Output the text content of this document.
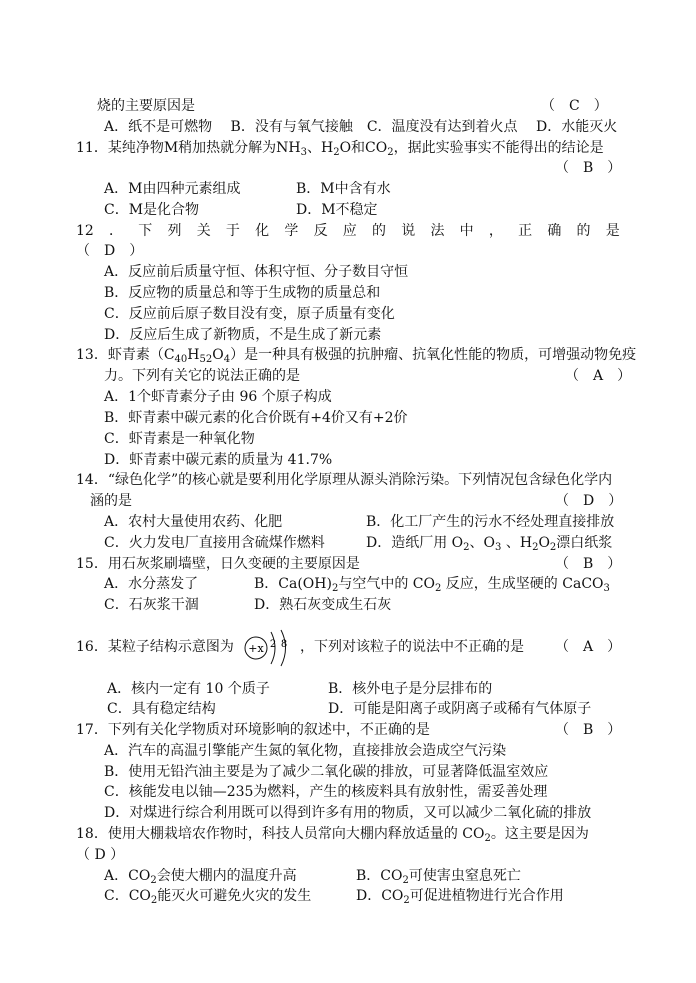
烧的主要原因是	（　C　）
A．纸不是可燃物　 B．没有与氧气接触　C．温度没有达到着火点　 D．水能灭火
11．某纯净物M稍加热就分解为$NH_3$、$H_2O$和$CO_2$，据此实验事实不能得出的结论是
（　B　）
A．M由四种元素组成	B．M中含有水
C．M是化合物	D．M不稳定
12 ． 下 列 关 于 化 学 反 应 的 说 法 中 ， 正 确 的 是
（　D　）
A．反应前后质量守恒、体积守恒、分子数目守恒
B．反应物的质量总和等于生成物的质量总和
C．反应前后原子数目没有变，原子质量有变化
D．反应后生成了新物质，不是生成了新元素
13．虾青素$(C_{40}H_{52}O_4)$是一种具有极强的抗肿瘤、抗氧化性能的物质，可增强动物免疫
力。下列有关它的说法正确的是	（　A　）
A．1个虾青素分子由 96 个原子构成
B．虾青素中碳元素的化合价既有+4价又有+2价
C．虾青素是一种氧化物
D．虾青素中碳元素的质量为 41.7%
14．“绿色化学”的核心就是要利用化学原理从源头消除污染。下列情况包含绿色化学内
涵的是	（　D　）
A．农村大量使用农药、化肥	B．化工厂产生的污水不经处理直接排放
C．火力发电厂直接用含硫煤作燃料	D．造纸厂用 $O_2$、$O_3$ 、$H_2O_2$漂白纸浆
15．用石灰浆刷墙壁，日久变硬的主要原因是	（　B　）
A．水分蒸发了	B．$Ca(OH)_2$与空气中的 $CO_2$ 反应，生成坚硬的 CaCO$_3$
C．石灰浆干涸	D．熟石灰变成生石灰
16．某粒子结构示意图为 +x 2 8 ，下列对该粒子的说法中不正确的是 （　A　）
A．核内一定有 10 个质子	B．核外电子是分层排布的
C．具有稳定结构	D．可能是阳离子或阴离子或稀有气体原子
17．下列有关化学物质对环境影响的叙述中，不正确的是	（　B　）
A．汽车的高温引擎能产生氮的氧化物，直接排放会造成空气污染
B．使用无铅汽油主要是为了减少二氧化碳的排放，可显著降低温室效应
C．核能发电以铀—235为燃料，产生的核废料具有放射性，需妥善处理
D．对煤进行综合利用既可以得到许多有用的物质，又可以减少二氧化硫的排放
18．使用大棚栽培农作物时，科技人员常向大棚内释放适量的 $CO_2$。这主要是因为
（ D ）
A．$CO_2$会使大棚内的温度升高	B．$CO_2$可使害虫窒息死亡
C．$CO_2$能灭火可避免火灾的发生	D．$CO_2$可促进植物进行光合作用
